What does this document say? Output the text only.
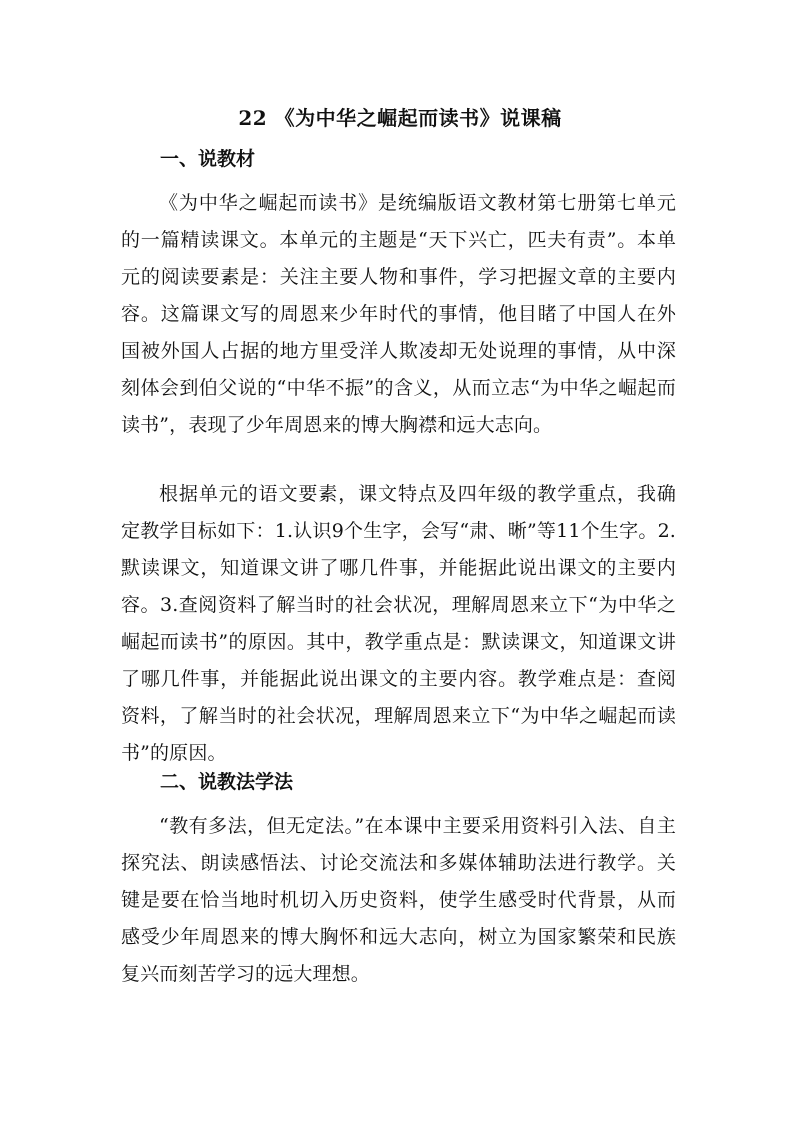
22 《为中华之崛起而读书》说课稿
一、说教材

《为中华之崛起而读书》是统编版语文教材第七册第七单元的一篇精读课文。本单元的主题是“天下兴亡，匹夫有责”。本单元的阅读要素是：关注主要人物和事件，学习把握文章的主要内容。这篇课文写的周恩来少年时代的事情，他目睹了中国人在外国被外国人占据的地方里受洋人欺凌却无处说理的事情，从中深刻体会到伯父说的“中华不振”的含义，从而立志“为中华之崛起而读书”，表现了少年周恩来的博大胸襟和远大志向。

根据单元的语文要素，课文特点及四年级的教学重点，我确定教学目标如下：1.认识9个生字，会写“肃、晰”等11个生字。2.默读课文，知道课文讲了哪几件事，并能据此说出课文的主要内容。3.查阅资料了解当时的社会状况，理解周恩来立下“为中华之崛起而读书”的原因。其中，教学重点是：默读课文，知道课文讲了哪几件事，并能据此说出课文的主要内容。教学难点是：查阅资料，了解当时的社会状况，理解周恩来立下“为中华之崛起而读书”的原因。

二、说教法学法

“教有多法，但无定法。”在本课中主要采用资料引入法、自主探究法、朗读感悟法、讨论交流法和多媒体辅助法进行教学。关键是要在恰当地时机切入历史资料，使学生感受时代背景，从而感受少年周恩来的博大胸怀和远大志向，树立为国家繁荣和民族复兴而刻苦学习的远大理想。
